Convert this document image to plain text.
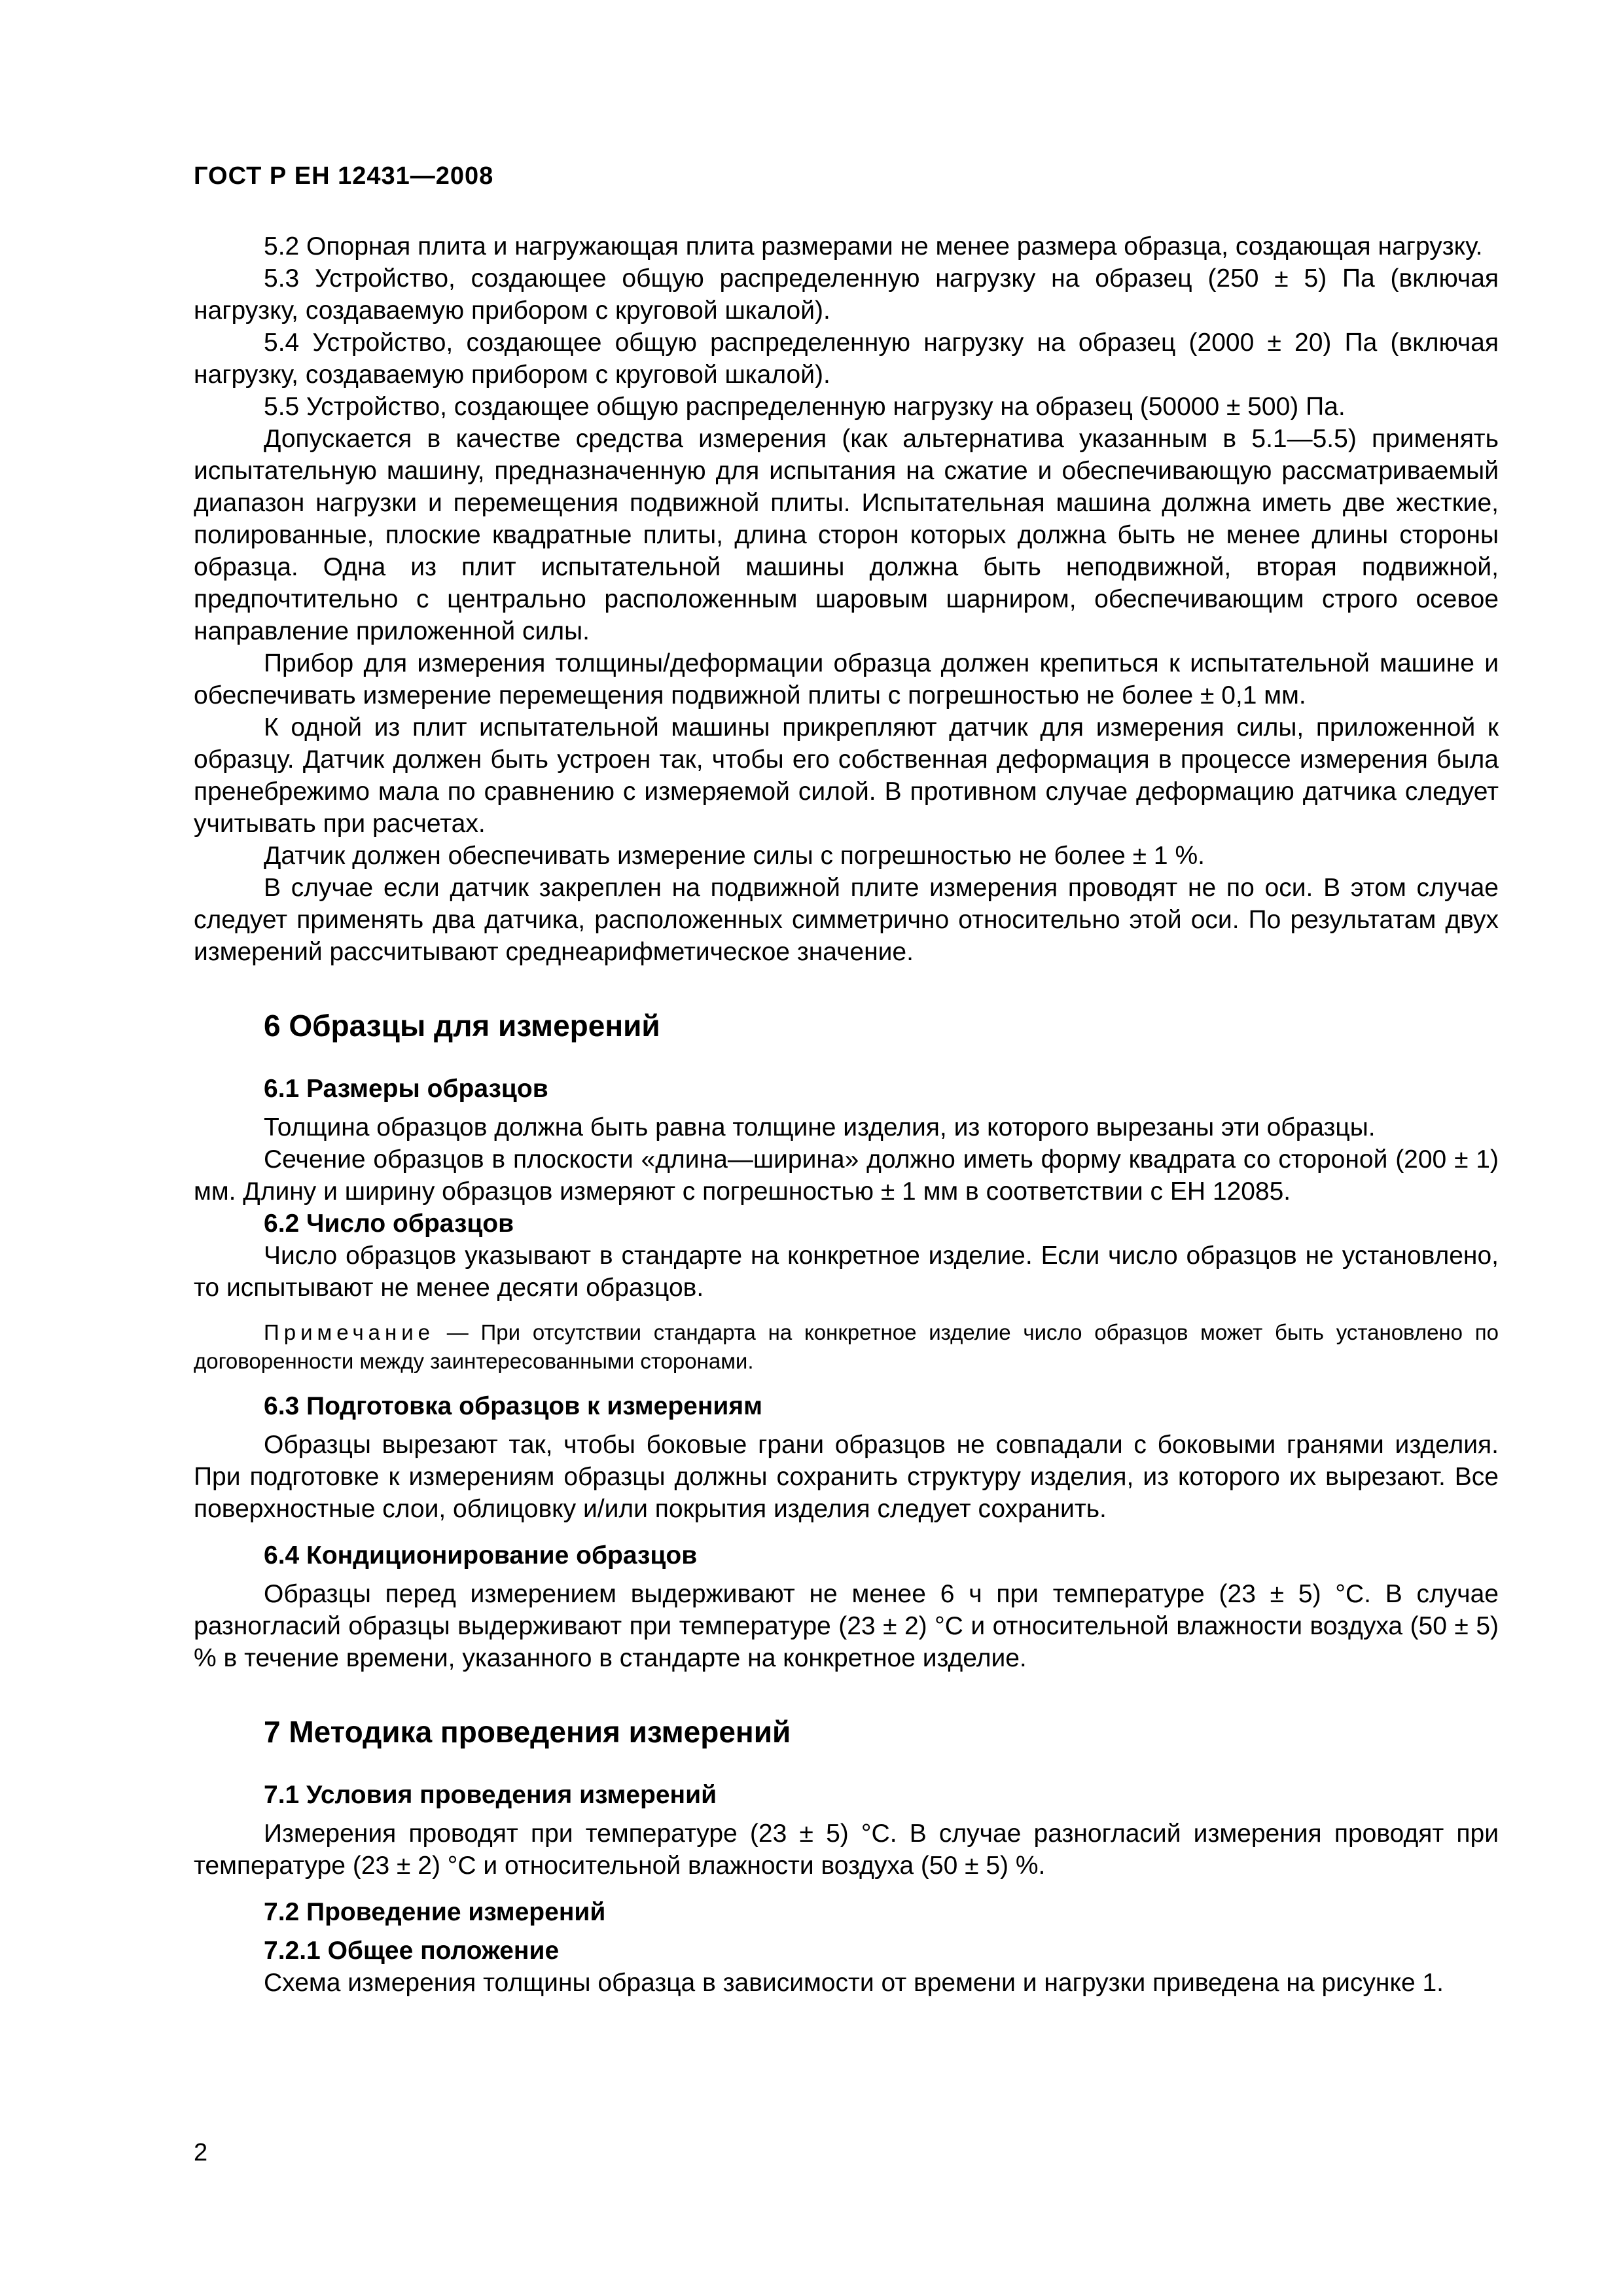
ГОСТ Р ЕН 12431—2008

5.2 Опорная плита и нагружающая плита размерами не менее размера образца, создающая нагрузку.

5.3 Устройство, создающее общую распределенную нагрузку на образец (250 ± 5) Па (включая нагрузку, создаваемую прибором с круговой шкалой).

5.4 Устройство, создающее общую распределенную нагрузку на образец (2000 ± 20) Па (включая нагрузку, создаваемую прибором с круговой шкалой).

5.5 Устройство, создающее общую распределенную нагрузку на образец (50000 ± 500) Па.

Допускается в качестве средства измерения (как альтернатива указанным в 5.1—5.5) применять испытательную машину, предназначенную для испытания на сжатие и обеспечивающую рассматриваемый диапазон нагрузки и перемещения подвижной плиты. Испытательная машина должна иметь две жесткие, полированные, плоские квадратные плиты, длина сторон которых должна быть не менее длины стороны образца. Одна из плит испытательной машины должна быть неподвижной, вторая подвижной, предпочтительно с центрально расположенным шаровым шарниром, обеспечивающим строго осевое направление приложенной силы.

Прибор для измерения толщины/деформации образца должен крепиться к испытательной машине и обеспечивать измерение перемещения подвижной плиты с погрешностью не более ± 0,1 мм.

К одной из плит испытательной машины прикрепляют датчик для измерения силы, приложенной к образцу. Датчик должен быть устроен так, чтобы его собственная деформация в процессе измерения была пренебрежимо мала по сравнению с измеряемой силой. В противном случае деформацию датчика следует учитывать при расчетах.

Датчик должен обеспечивать измерение силы с погрешностью не более ± 1 %.

В случае если датчик закреплен на подвижной плите измерения проводят не по оси. В этом случае следует применять два датчика, расположенных симметрично относительно этой оси. По результатам двух измерений рассчитывают среднеарифметическое значение.

6 Образцы для измерений
6.1 Размеры образцов

Толщина образцов должна быть равна толщине изделия, из которого вырезаны эти образцы.

Сечение образцов в плоскости «длина—ширина» должно иметь форму квадрата со стороной (200 ± 1) мм. Длину и ширину образцов измеряют с погрешностью ± 1 мм в соответствии с ЕН 12085.

6.2 Число образцов

Число образцов указывают в стандарте на конкретное изделие. Если число образцов не установлено, то испытывают не менее десяти образцов.

Примечание — При отсутствии стандарта на конкретное изделие число образцов может быть установлено по договоренности между заинтересованными сторонами.
6.3 Подготовка образцов к измерениям

Образцы вырезают так, чтобы боковые грани образцов не совпадали с боковыми гранями изделия. При подготовке к измерениям образцы должны сохранить структуру изделия, из которого их вырезают. Все поверхностные слои, облицовку и/или покрытия изделия следует сохранить.

6.4 Кондиционирование образцов

Образцы перед измерением выдерживают не менее 6 ч при температуре (23 ± 5) °С. В случае разногласий образцы выдерживают при температуре (23 ± 2) °С и относительной влажности воздуха (50 ± 5) % в течение времени, указанного в стандарте на конкретное изделие.

7 Методика проведения измерений
7.1 Условия проведения измерений

Измерения проводят при температуре (23 ± 5) °С. В случае разногласий измерения проводят при температуре (23 ± 2) °С и относительной влажности воздуха (50 ± 5) %.

7.2 Проведение измерений
7.2.1 Общее положение

Схема измерения толщины образца в зависимости от времени и нагрузки приведена на рисунке 1.

2
